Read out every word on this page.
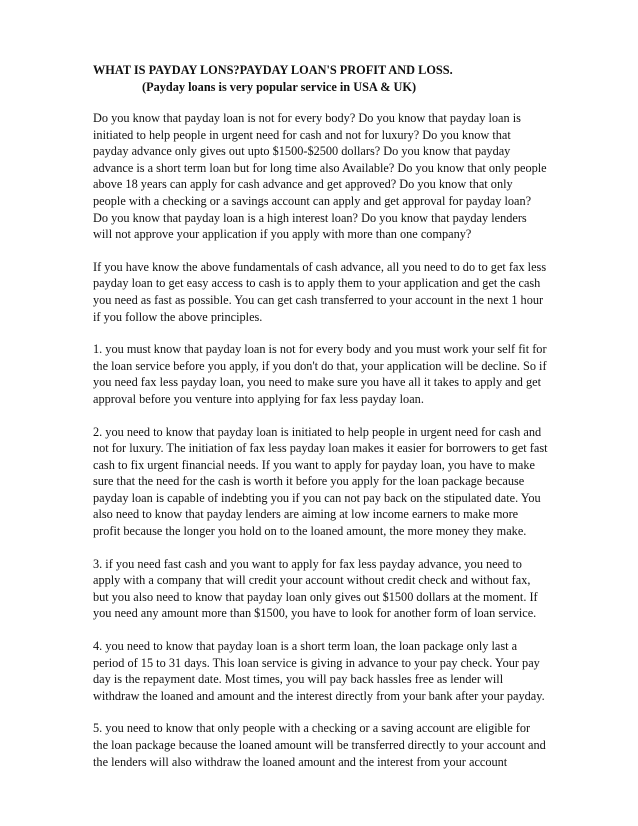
WHAT IS PAYDAY LONS?PAYDAY LOAN'S PROFIT AND LOSS.

(Payday loans is very popular service in USA & UK)

Do you know that payday loan is not for every body? Do you know that payday loan is initiated to help people in urgent need for cash and not for luxury? Do you know that payday advance only gives out upto $1500-$2500 dollars? Do you know that payday advance is a short term loan but for long time also Available? Do you know that only people above 18 years can apply for cash advance and get approved? Do you know that only people with a checking or a savings account can apply and get approval for payday loan? Do you know that payday loan is a high interest loan? Do you know that payday lenders will not approve your application if you apply with more than one company?

If you have know the above fundamentals of cash advance, all you need to do to get fax less payday loan to get easy access to cash is to apply them to your application and get the cash you need as fast as possible. You can get cash transferred to your account in the next 1 hour if you follow the above principles.

1. you must know that payday loan is not for every body and you must work your self fit for the loan service before you apply, if you don't do that, your application will be decline. So if you need fax less payday loan, you need to make sure you have all it takes to apply and get approval before you venture into applying for fax less payday loan.

2. you need to know that payday loan is initiated to help people in urgent need for cash and not for luxury. The initiation of fax less payday loan makes it easier for borrowers to get fast cash to fix urgent financial needs. If you want to apply for payday loan, you have to make sure that the need for the cash is worth it before you apply for the loan package because payday loan is capable of indebting you if you can not pay back on the stipulated date. You also need to know that payday lenders are aiming at low income earners to make more profit because the longer you hold on to the loaned amount, the more money they make.

3. if you need fast cash and you want to apply for fax less payday advance, you need to apply with a company that will credit your account without credit check and without fax, but you also need to know that payday loan only gives out $1500 dollars at the moment. If you need any amount more than $1500, you have to look for another form of loan service.

4. you need to know that payday loan is a short term loan, the loan package only last a period of 15 to 31 days. This loan service is giving in advance to your pay check. Your pay day is the repayment date. Most times, you will pay back hassles free as lender will withdraw the loaned and amount and the interest directly from your bank after your payday.

5. you need to know that only people with a checking or a saving account are eligible for the loan package because the loaned amount will be transferred directly to your account and the lenders will also withdraw the loaned amount and the interest from your account
